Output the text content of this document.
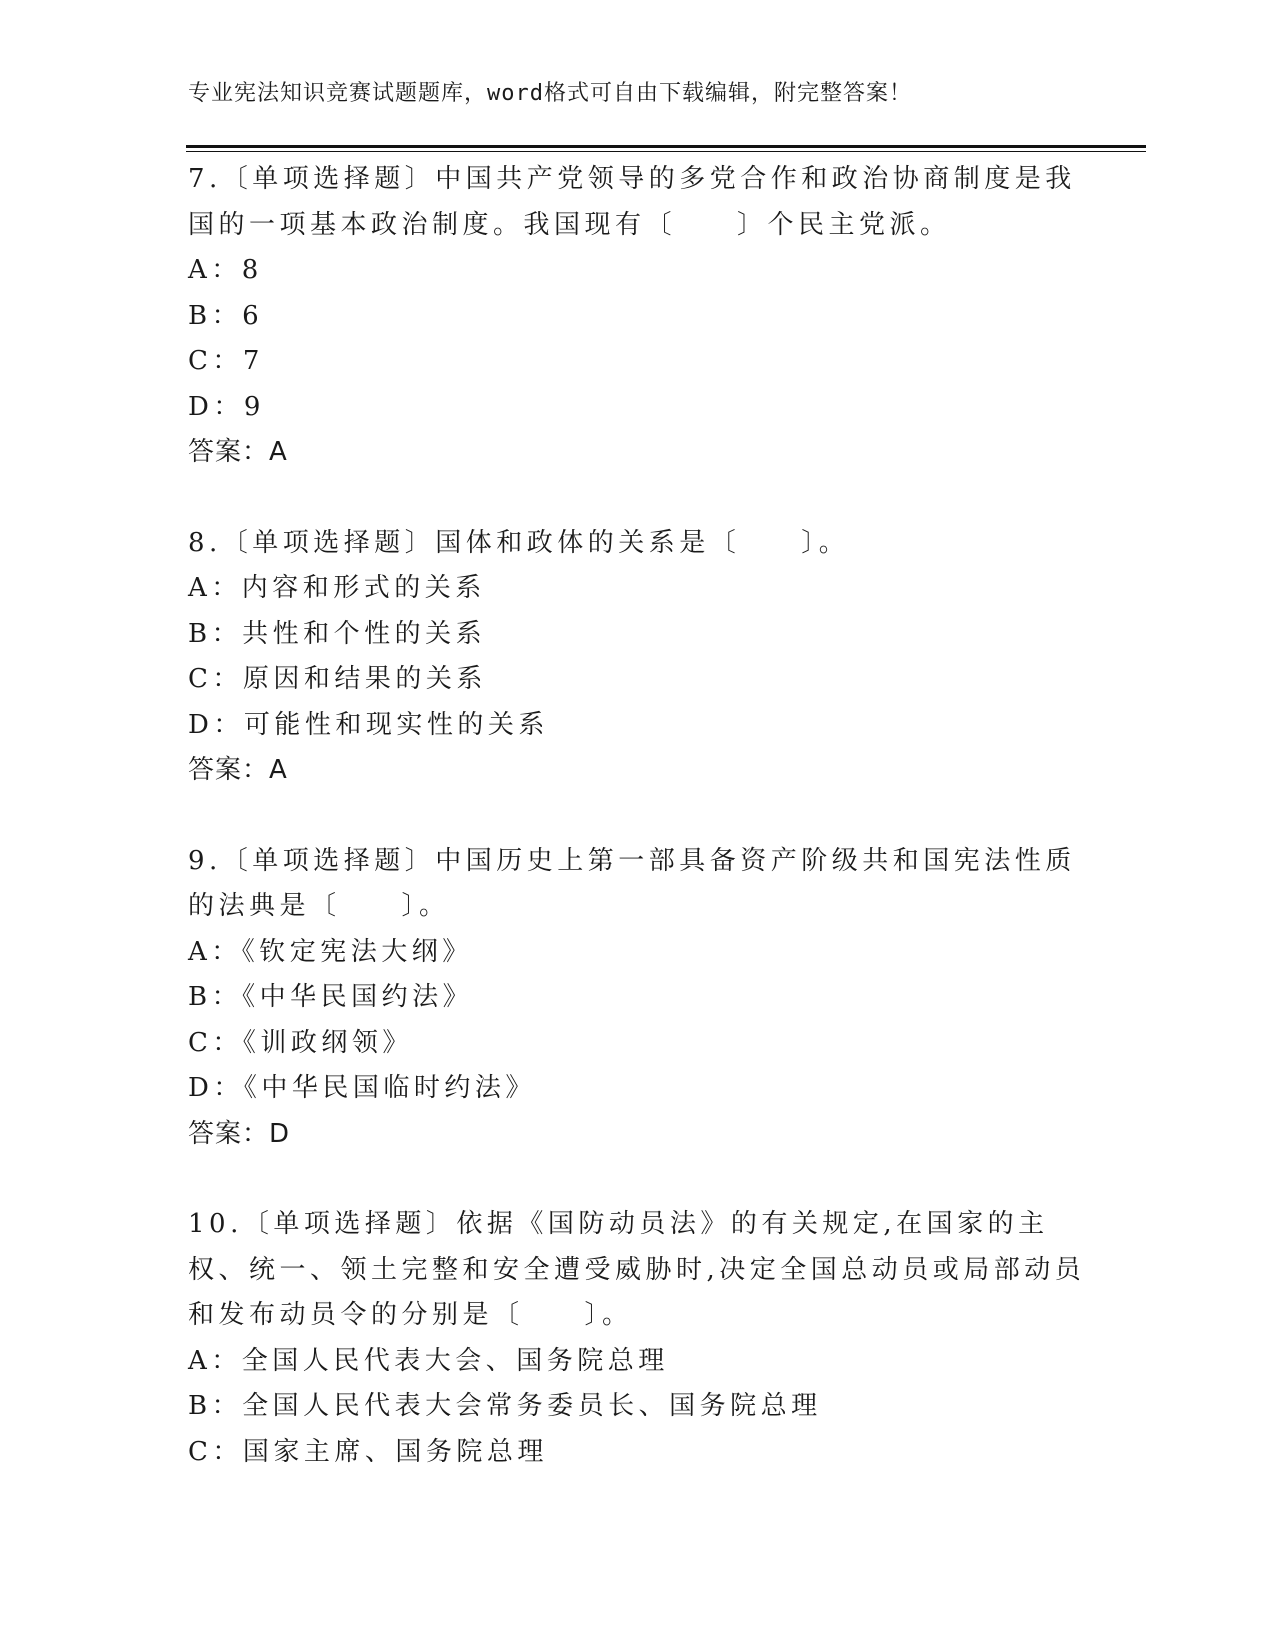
专业宪法知识竞赛试题题库，word格式可自由下载编辑，附完整答案！

7.〔单项选择题〕中国共产党领导的多党合作和政治协商制度是我国的一项基本政治制度。我国现有〔　　〕个民主党派。

A：8

B：6

C：7

D：9

答案：A

8.〔单项选择题〕国体和政体的关系是〔　　〕。

A：内容和形式的关系

B：共性和个性的关系

C：原因和结果的关系

D：可能性和现实性的关系

答案：A

9.〔单项选择题〕中国历史上第一部具备资产阶级共和国宪法性质的法典是〔　　〕。

A：《钦定宪法大纲》

B：《中华民国约法》

C：《训政纲领》

D：《中华民国临时约法》

答案：D

10.〔单项选择题〕依据《国防动员法》的有关规定,在国家的主权、统一、领土完整和安全遭受威胁时,决定全国总动员或局部动员和发布动员令的分别是〔　　〕。

A：全国人民代表大会、国务院总理

B：全国人民代表大会常务委员长、国务院总理

C：国家主席、国务院总理
